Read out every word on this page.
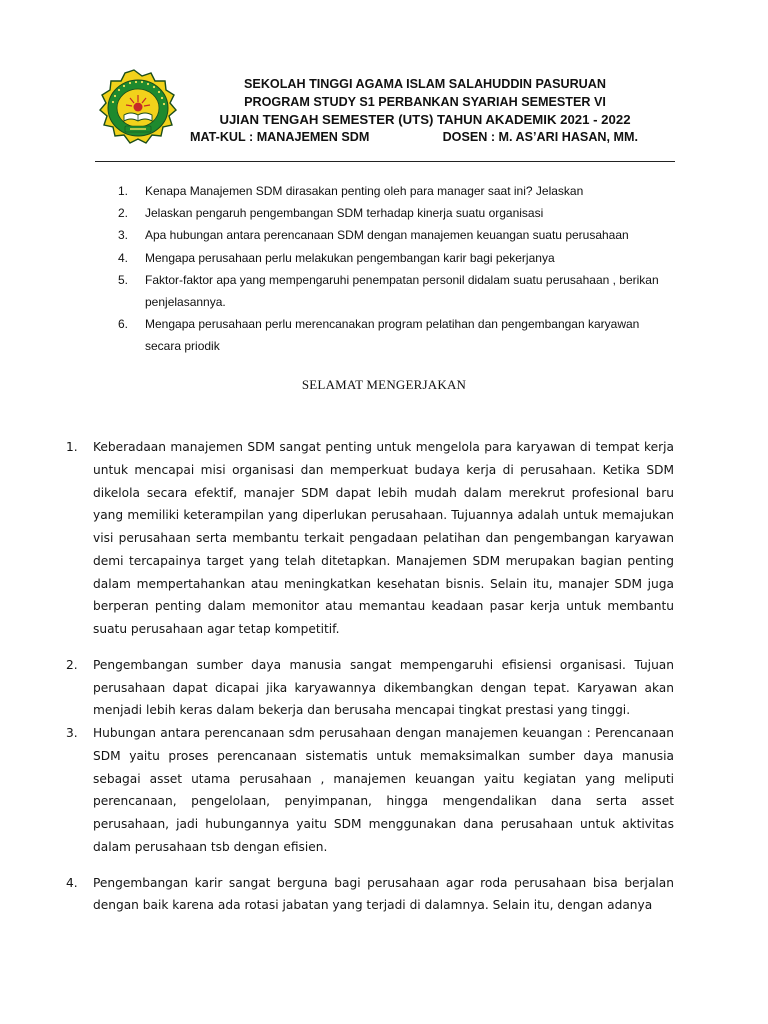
SEKOLAH TINGGI AGAMA ISLAM SALAHUDDIN PASURUAN
PROGRAM STUDY S1 PERBANKAN SYARIAH SEMESTER VI
UJIAN TENGAH SEMESTER (UTS) TAHUN AKADEMIK 2021 - 2022
MAT-KUL : MANAJEMEN SDM	DOSEN : M. AS’ARI HASAN, MM.
1.	Kenapa Manajemen SDM dirasakan penting oleh para manager saat ini? Jelaskan
2.	Jelaskan pengaruh pengembangan SDM terhadap kinerja suatu organisasi
3.	Apa hubungan antara perencanaan SDM dengan manajemen keuangan suatu perusahaan
4.	Mengapa perusahaan perlu melakukan pengembangan karir bagi pekerjanya
5.	Faktor-faktor apa yang mempengaruhi penempatan personil didalam suatu perusahaan , berikan penjelasannya.
6.	Mengapa perusahaan perlu merencanakan program pelatihan dan pengembangan karyawan secara priodik
SELAMAT MENGERJAKAN
1.	Keberadaan manajemen SDM sangat penting untuk mengelola para karyawan di tempat kerja untuk mencapai misi organisasi dan memperkuat budaya kerja di perusahaan. Ketika SDM dikelola secara efektif, manajer SDM dapat lebih mudah dalam merekrut profesional baru yang memiliki keterampilan yang diperlukan perusahaan. Tujuannya adalah untuk memajukan visi perusahaan serta membantu terkait pengadaan pelatihan dan pengembangan karyawan demi tercapainya target yang telah ditetapkan. Manajemen SDM merupakan bagian penting dalam mempertahankan atau meningkatkan kesehatan bisnis. Selain itu, manajer SDM juga berperan penting dalam memonitor atau memantau keadaan pasar kerja untuk membantu suatu perusahaan agar tetap kompetitif.
2.	Pengembangan sumber daya manusia sangat mempengaruhi efisiensi organisasi. Tujuan perusahaan dapat dicapai jika karyawannya dikembangkan dengan tepat. Karyawan akan menjadi lebih keras dalam bekerja dan berusaha mencapai tingkat prestasi yang tinggi.
3.	Hubungan antara perencanaan sdm perusahaan dengan manajemen keuangan : Perencanaan SDM yaitu proses perencanaan sistematis untuk memaksimalkan sumber daya manusia sebagai asset utama perusahaan , manajemen keuangan yaitu kegiatan yang meliputi perencanaan, pengelolaan, penyimpanan, hingga mengendalikan dana serta asset perusahaan, jadi hubungannya yaitu SDM menggunakan dana perusahaan untuk aktivitas dalam perusahaan tsb dengan efisien.
4.	Pengembangan karir sangat berguna bagi perusahaan agar roda perusahaan bisa berjalan dengan baik karena ada rotasi jabatan yang terjadi di dalamnya. Selain itu, dengan adanya
